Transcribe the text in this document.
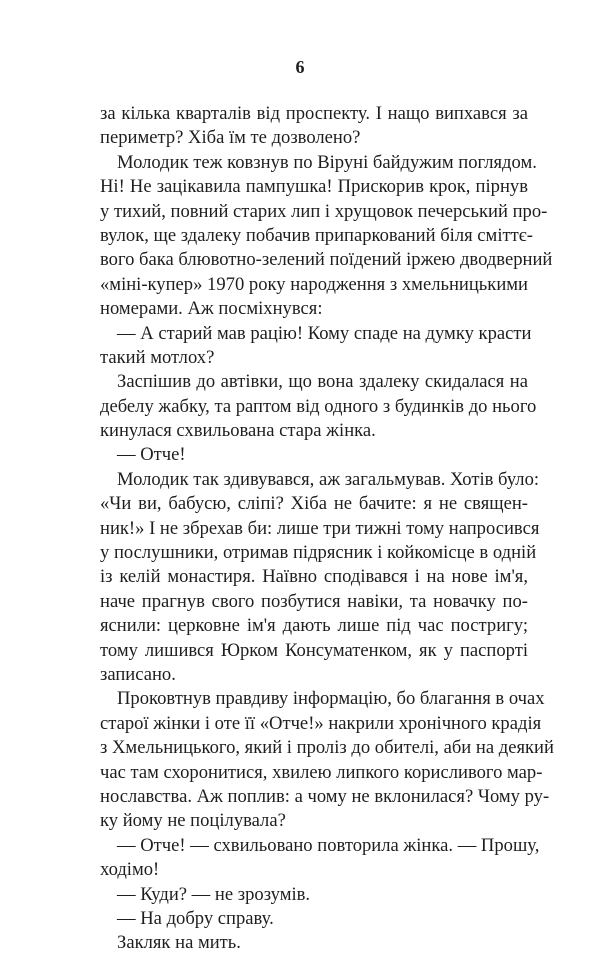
6
за кілька кварталів від проспекту. І нащо випхався за
периметр? Хіба їм те дозволено?
Молодик теж ковзнув по Віруні байдужим поглядом.
Ні! Не зацікавила пампушка! Прискорив крок, пірнув
у тихий, повний старих лип і хрущовок печерський про-
вулок, ще здалеку побачив припаркований біля сміттє-
вого бака блювотно-зелений поїдений іржею дводверний
«міні-купер» 1970 року народження з хмельницькими
номерами. Аж посміхнувся:
— А старий мав рацію! Кому спаде на думку красти
такий мотлох?
Заспішив до автівки, що вона здалеку скидалася на
дебелу жабку, та раптом від одного з будинків до нього
кинулася схвильована стара жінка.
— Отче!
Молодик так здивувався, аж загальмував. Хотів було:
«Чи ви, бабусю, сліпі? Хіба не бачите: я не священ-
ник!» І не збрехав би: лише три тижні тому напросився
у послушники, отримав підрясник і койкомісце в одній
із келій монастиря. Наївно сподівався і на нове ім'я,
наче прагнув свого позбутися навіки, та новачку по-
яснили: церковне ім'я дають лише під час постригу;
тому лишився Юрком Консуматенком, як у паспорті
записано.
Проковтнув правдиву інформацію, бо благання в очах
старої жінки і оте її «Отче!» накрили хронічного крадія
з Хмельницького, який і проліз до обителі, аби на деякий
час там схоронитися, хвилею липкого корисливого мар-
нославства. Аж поплив: а чому не вклонилася? Чому ру-
ку йому не поцілувала?
— Отче! — схвильовано повторила жінка. — Прошу,
ходімо!
— Куди? — не зрозумів.
— На добру справу.
Закляк на мить.
